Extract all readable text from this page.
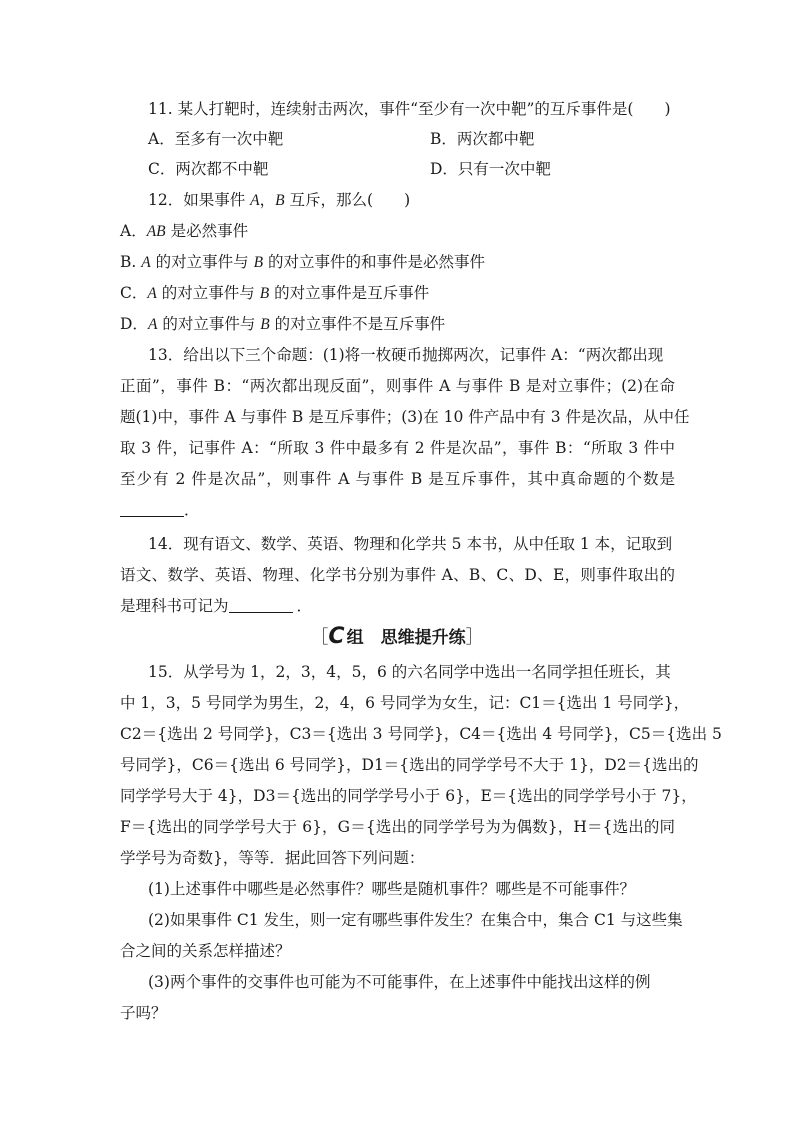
11. 某人打靶时，连续射击两次，事件“至少有一次中靶”的互斥事件是(　　)
A．至多有一次中靶	B．两次都中靶
C．两次都不中靶	D．只有一次中靶
12．如果事件 A，B 互斥，那么(　　)
A．AB 是必然事件
B. A 的对立事件与 B 的对立事件的和事件是必然事件
C．A 的对立事件与 B 的对立事件是互斥事件
D．A 的对立事件与 B 的对立事件不是互斥事件
13．给出以下三个命题：(1)将一枚硬币抛掷两次，记事件 A：“两次都出现
正面”，事件 B：“两次都出现反面”，则事件 A 与事件 B 是对立事件；(2)在命
题(1)中，事件 A 与事件 B 是互斥事件；(3)在 10 件产品中有 3 件是次品，从中任
取 3 件，记事件 A：“所取 3 件中最多有 2 件是次品”，事件 B：“所取 3 件中
至少有 2 件是次品”，则事件 A 与事件 B 是互斥事件，其中真命题的个数是
．
14．现有语文、数学、英语、物理和化学共 5 本书，从中任取 1 本，记取到
语文、数学、英语、物理、化学书分别为事件 A、B、C、D、E，则事件取出的
是理科书可记为	．
［C 组　思维提升练］
15．从学号为 1，2，3，4，5，6 的六名同学中选出一名同学担任班长，其
中 1，3，5 号同学为男生，2，4，6 号同学为女生，记：C1＝{选出 1 号同学}，
C2＝{选出 2 号同学}，C3＝{选出 3 号同学}，C4＝{选出 4 号同学}，C5＝{选出 5
号同学}，C6＝{选出 6 号同学}，D1＝{选出的同学学号不大于 1}，D2＝{选出的
同学学号大于 4}，D3＝{选出的同学学号小于 6}，E＝{选出的同学学号小于 7}，
F＝{选出的同学学号大于 6}，G＝{选出的同学学号为为偶数}，H＝{选出的同
学学号为奇数}，等等．据此回答下列问题：
(1)上述事件中哪些是必然事件？哪些是随机事件？哪些是不可能事件？
(2)如果事件 C1 发生，则一定有哪些事件发生？在集合中，集合 C1 与这些集
合之间的关系怎样描述？
(3)两个事件的交事件也可能为不可能事件，在上述事件中能找出这样的例
子吗？
